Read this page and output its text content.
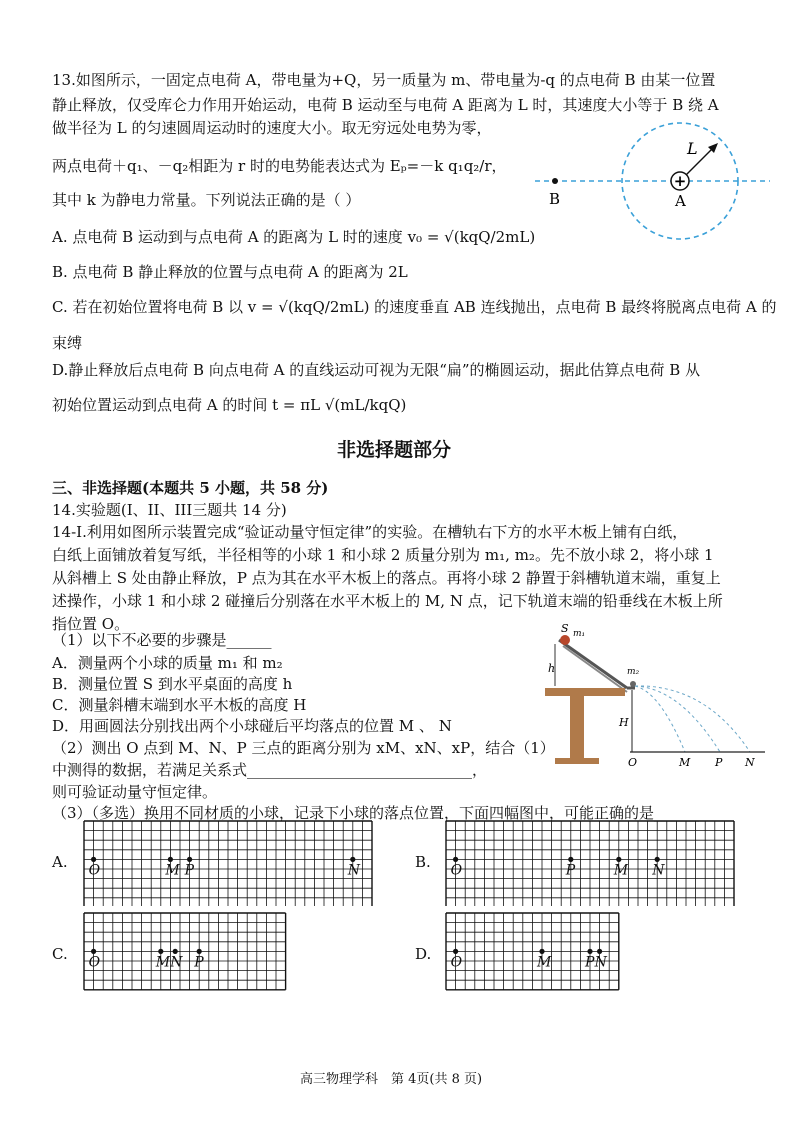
13.如图所示，一固定点电荷 A，带电量为+Q，另一质量为 m、带电量为-q 的点电荷 B 由某一位置
静止释放，仅受库仑力作用开始运动，电荷 B 运动至与电荷 A 距离为 L 时，其速度大小等于 B 绕 A
做半径为 L 的匀速圆周运动时的速度大小。取无穷远处电势为零，
两点电荷＋q₁、－q₂相距为 r 时的电势能表达式为 Eₚ=－k q₁q₂/r，
其中 k 为静电力常量。下列说法正确的是（ ）
+
L
B	A
A. 点电荷 B 运动到与点电荷 A 的距离为 L 时的速度 v₀ = √(kqQ/2mL)
B. 点电荷 B 静止释放的位置与点电荷 A 的距离为 2L
C. 若在初始位置将电荷 B 以 v = √(kqQ/2mL) 的速度垂直 AB 连线抛出，点电荷 B 最终将脱离点电荷 A 的
束缚
D.静止释放后点电荷 B 向点电荷 A 的直线运动可视为无限“扁”的椭圆运动，据此估算点电荷 B 从
初始位置运动到点电荷 A 的时间 t = πL √(mL/kqQ)
非选择题部分
三、非选择题(本题共 5 小题，共 58 分)
14.实验题(I、II、III三题共 14 分)
14-I.利用如图所示装置完成“验证动量守恒定律”的实验。在槽轨右下方的水平木板上铺有白纸，
白纸上面铺放着复写纸，半径相等的小球 1 和小球 2 质量分别为 m₁, m₂。先不放小球 2，将小球 1
从斜槽上 S 处由静止释放，P 点为其在水平木板上的落点。再将小球 2 静置于斜槽轨道末端，重复上
述操作，小球 1 和小球 2 碰撞后分别落在水平木板上的 M, N 点，记下轨道末端的铅垂线在木板上所
指位置 O。
（1）以下不必要的步骤是______
A．测量两个小球的质量 m₁ 和 m₂
B．测量位置 S 到水平桌面的高度 h
C．测量斜槽末端到水平木板的高度 H
D．用画圆法分别找出两个小球碰后平均落点的位置 M 、 N
（2）测出 O 点到 M、N、P 三点的距离分别为 xM、xN、xP，结合（1）
中测得的数据，若满足关系式______________________________，
则可验证动量守恒定律。
S m₁
h	m₂
H
O	M P N
（3）（多选）换用不同材质的小球，记录下小球的落点位置，下面四幅图中，可能正确的是______
A. O	M P	N	B. O	P	M N
C. O	M N P	D. O	M P N
高三物理学科　第 4页(共 8 页)
